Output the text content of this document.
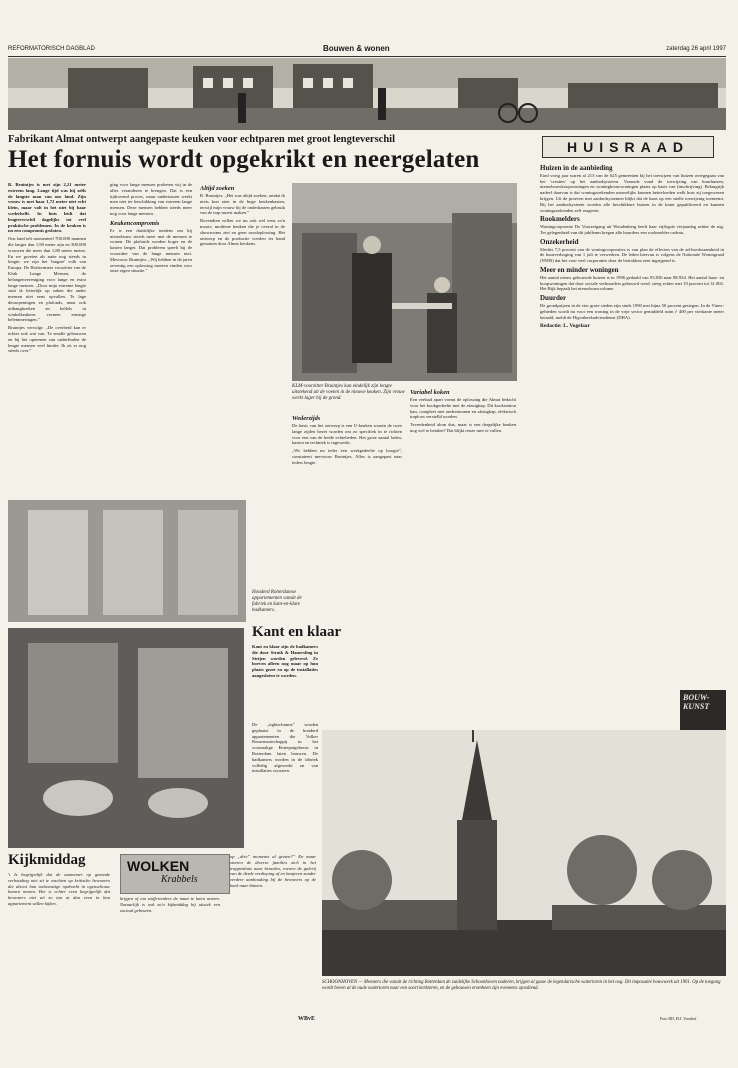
REFORMATORISCH DAGBLAD	Bouwen & wonen	zaterdag 26 april 1997
Fabrikant Almat ontwerpt aangepaste keuken voor echtparen met groot lengteverschil
Het fornuis wordt opgekrikt en neergelaten

R. Bruintjes is met zijn 2,21 meter extreem lang. Lange tijd was hij zelfs de langste man van ons land. Zijn vrouw is met haar 1,72 meter niet echt klein, maar valt in het niet bij haar wederhelft. In huis leidt dat lengteverschil dagelijks tot veel praktische problemen. In de keuken is nu een compromis gesloten.

Ons land telt momenteel 700.000 mannen die langer dan 1,90 meter zijn en 300.000 vrouwen die meer dan 1,80 meter meten. En we groeien als natie nog steeds in lengte; we zijn het 'langste' volk van Europa. De Hofstermeer voorzitter van de Klub Lange Mensen, de belangenvereniging voor lange en extra lange mensen. „Door mijn extreme lengte stuit ik letterlijk op zaken die ander mensen niet eens opvallen. Te lage deuropeningen en plafonds, maar ook uitbanghoeken en kellels in winkelkeukens vormen ernstige belemmeringen.”

Bruintjes vervolgt: „De overheid kan er echter ook wat van. Te smalle gebouwen en bij het opnemen van onderlinden de lengte mensen veel hinder. Ik zit er nog steeds over.”

ging voor lange mensen proberen wij in de alles veranderen te brengen. Dat is een tijdrovend proces, maar ondertussen werkt men niet ter beschikking van extreem lange mensen. Deze mensen hebben steeds meer nog voor lange mensen.

Keukencompromis

Er is een duidelijke tendens om bij nieuwbouw steeds meer met de mensen te wonen. De plafonds worden hoger en de kasten langer. Dat probleem speelt bij de voorzitter van de lange mensen niet. Mevrouw Bruintjes: „Wij hebben in de jaren zeventig een oplossing moeten vinden voor onze eigen situatie.”

Altijd zoeken

R. Bruintjes: „Het was altijd zoeken, omdat ik niets kon zien in de hoge keukenkasten, terwijl mijn vrouw bij de onderkasten gebruik van de trap moest maken.”

Bovendien willen we nu ook wel eens zo'n mooie, moderne keuken die je overal in de showrooms ziet en geen noodoplossing. Het ontwerp en de productie werden ter hand genomen door Almat keukens.

KLM-voorzitter Bruintjes kan eindelijk zijn lengte uitstekend uit de voeten in de nieuwe keuken. Zijn vrouw werkt lager bij de grond.
Wederzijds

De basis van het ontwerp is een U-keuken waarin de twee lange zijden bezet worden om zo specifiek in te richten voor een van de beide echtelieden. Het grote aantal laden, kasten en techniek is ingewerkt.

„We hebben nu ieder een werkgedeelte op hoogte”, constateert mevrouw Bruintjes. Alles is aangepast naar ieders lengte.

Variabel koken

Een verbaal apart vormt de oplossing die Almat bedacht voor het kookgedeelte met de afzuigkap. Dit kookstation kan, compleet met ondersteunen en afzuigkap, elektrisch traploos verstelld worden.

Tevredenheid alom dus, maar is een dergelijke keuken nog wel te betalen? Dat blijkt reuze mee te vallen.

Honderd Rotterdamse appartementen vanuit de fabriek en kant-en-klare badkamers.
Kant en klaar

Kant en klaar zijn de badkamers die door Struik & Hauersling in Strijen worden geleverd. Ze hoeven alleen nog maar op hun plaats gezet en op de installaties aangesloten te worden.

De „tightschuims” worden geplaatst in de honderd appartementen die Volker Bouwmaatschappij in het voormalige Entrepotgebouw in Rotterdam laten bouwen. De badkamers worden in de fabriek volledig afgewerkt en van installaties voorzien.

Kijkmiddag

't Is begrijpelijk dat de aannemer op gezonde verhouding niet zit te wachten op kritische bewoners die alsoot hun toekomstige opdracht in ogenschouw komen nemen. Het is echter even begrijpelijk dat bewoners niet uit zo tan at dan even in hun appartement willen kijken.

WOLKEN
Krabbels

krijgen of om stofferenders de maat te laten nemen. Natuurlijk is ook zo'n kijkmiddag bij uitstek een sociaal gebeuren.

op „drie” moments al gezien?” En maar storten de diverse families zich in het trappenhuis naar beneden, roeoen de galerij van de derde verdieping af en banjeren zonder verdere aanhouding bij de bewoners op de koek naar binnen.

WBvE
HUISRAAD
Huizen in de aanbieding

Eind vorig jaar waren al 213 van de 625 gemeenten bij het toewijzen van huizen overgegaan van het 'creaties' op het aanbodsysteem. Vanouds vond de toewijzing van huurhuizen, nieuwbouwkoopwoningen en woningbouwwoningen plaats op basis van (inschrijving). Belangrijk nadeel daarvan is dat woningzoekenden nauwelijks kunnen beïnvloeden welk huis zij toegewezen krijgen. Uit de proeven met aanbodsystemen blijkt dat de kans op een snelle toewijzing toeneemt. Bij het aanbodsysteem worden alle beschikbare huizen in de krant gepubliceerd en kunnen woningzoekenden zelf reageren.

Rookmelders

Woningcorporatie De Voorzetgang uit Woudenberg heeft haar vijftigste verjaardag achter de rug. Ter gelegenheid van dit jubileum kregen alle huurders een rookmelder cadeau.

Onzekerheid

Slechts 7,5 procent van de woningcorporaties is van plan de effecten van de zelfwerkzaamheid in de huurverhoging van 1 juli te verwerken. De leden hiervan is volgens de Nationale Woningraad (NWR) dat het voor veel corporaties door de betrokken zeer ingrijpend is.

Meer en minder woningen

Het aantal nieuw gebouwde huizen is in 1996 gedaald van 93.836 naar 88.934. Het aantal huur- en koopwoningen dat door sociale verhuurders gebouwd werd, steeg echter met 10 procent tot 31.002. Het Rijk bepaalt het nieuwbouwvolume.

Duurder

De grondprijzen in de vier grote steden zijn sinds 1990 met bijna 50 procent gestegen. In de Vinex-gebieden wordt nu voor een woning in de vrije sector gemiddeld ruim ƒ 400 per vierkante meter betaald, meldt de Hypotheekadviesdienst (DHA).

Redactie: L. Vogelaar
BOUW-
KUNST
SCHOONHOVEN — Meesters die vanuit de richting Rotterdam de zuidelijke Schoonhoven naderen, krijgen al gauw de legendarische watertoren in het oog. Dit imposante bouwwerk uit 1901. Op de toegang wordt boven al de oude watertoren naar een soort kerktoren, en de gebouwen eromheen zijn eveneens opvallend.
Foto RD, H.J. Voorhof
